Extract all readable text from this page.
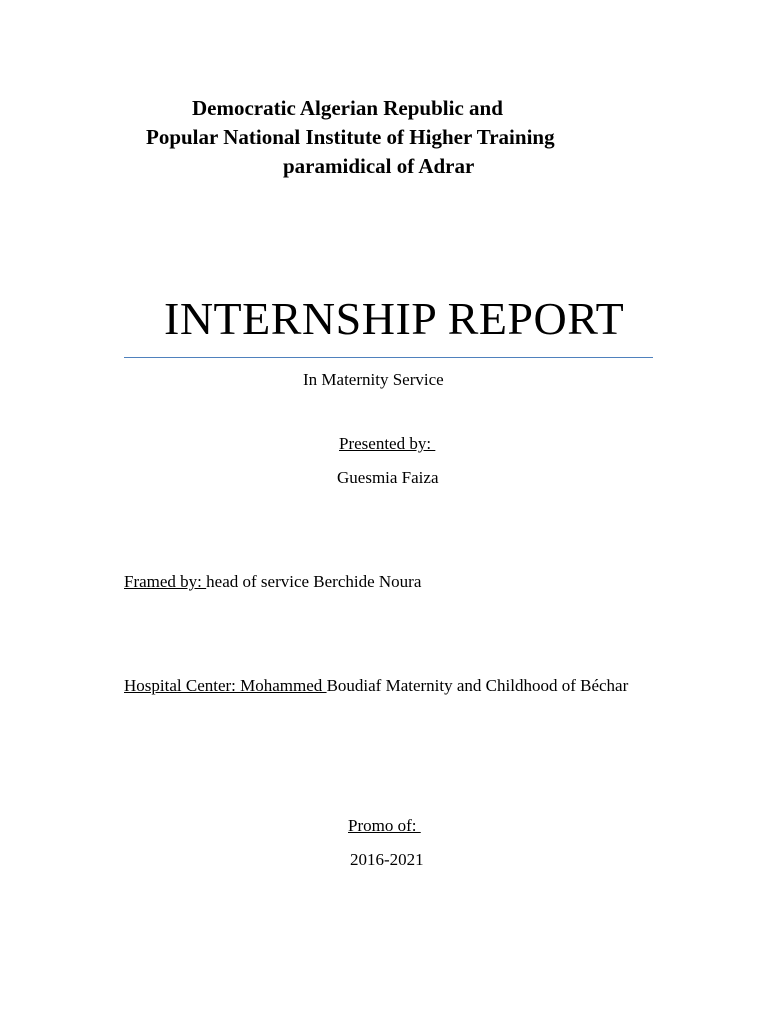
Democratic Algerian Republic and
Popular National Institute of Higher Training
paramidical of Adrar
INTERNSHIP REPORT
In Maternity Service
Presented by:
Guesmia Faiza
Framed by: head of service Berchide Noura
Hospital Center: Mohammed Boudiaf Maternity and Childhood of Béchar
Promo of:
2016-2021
